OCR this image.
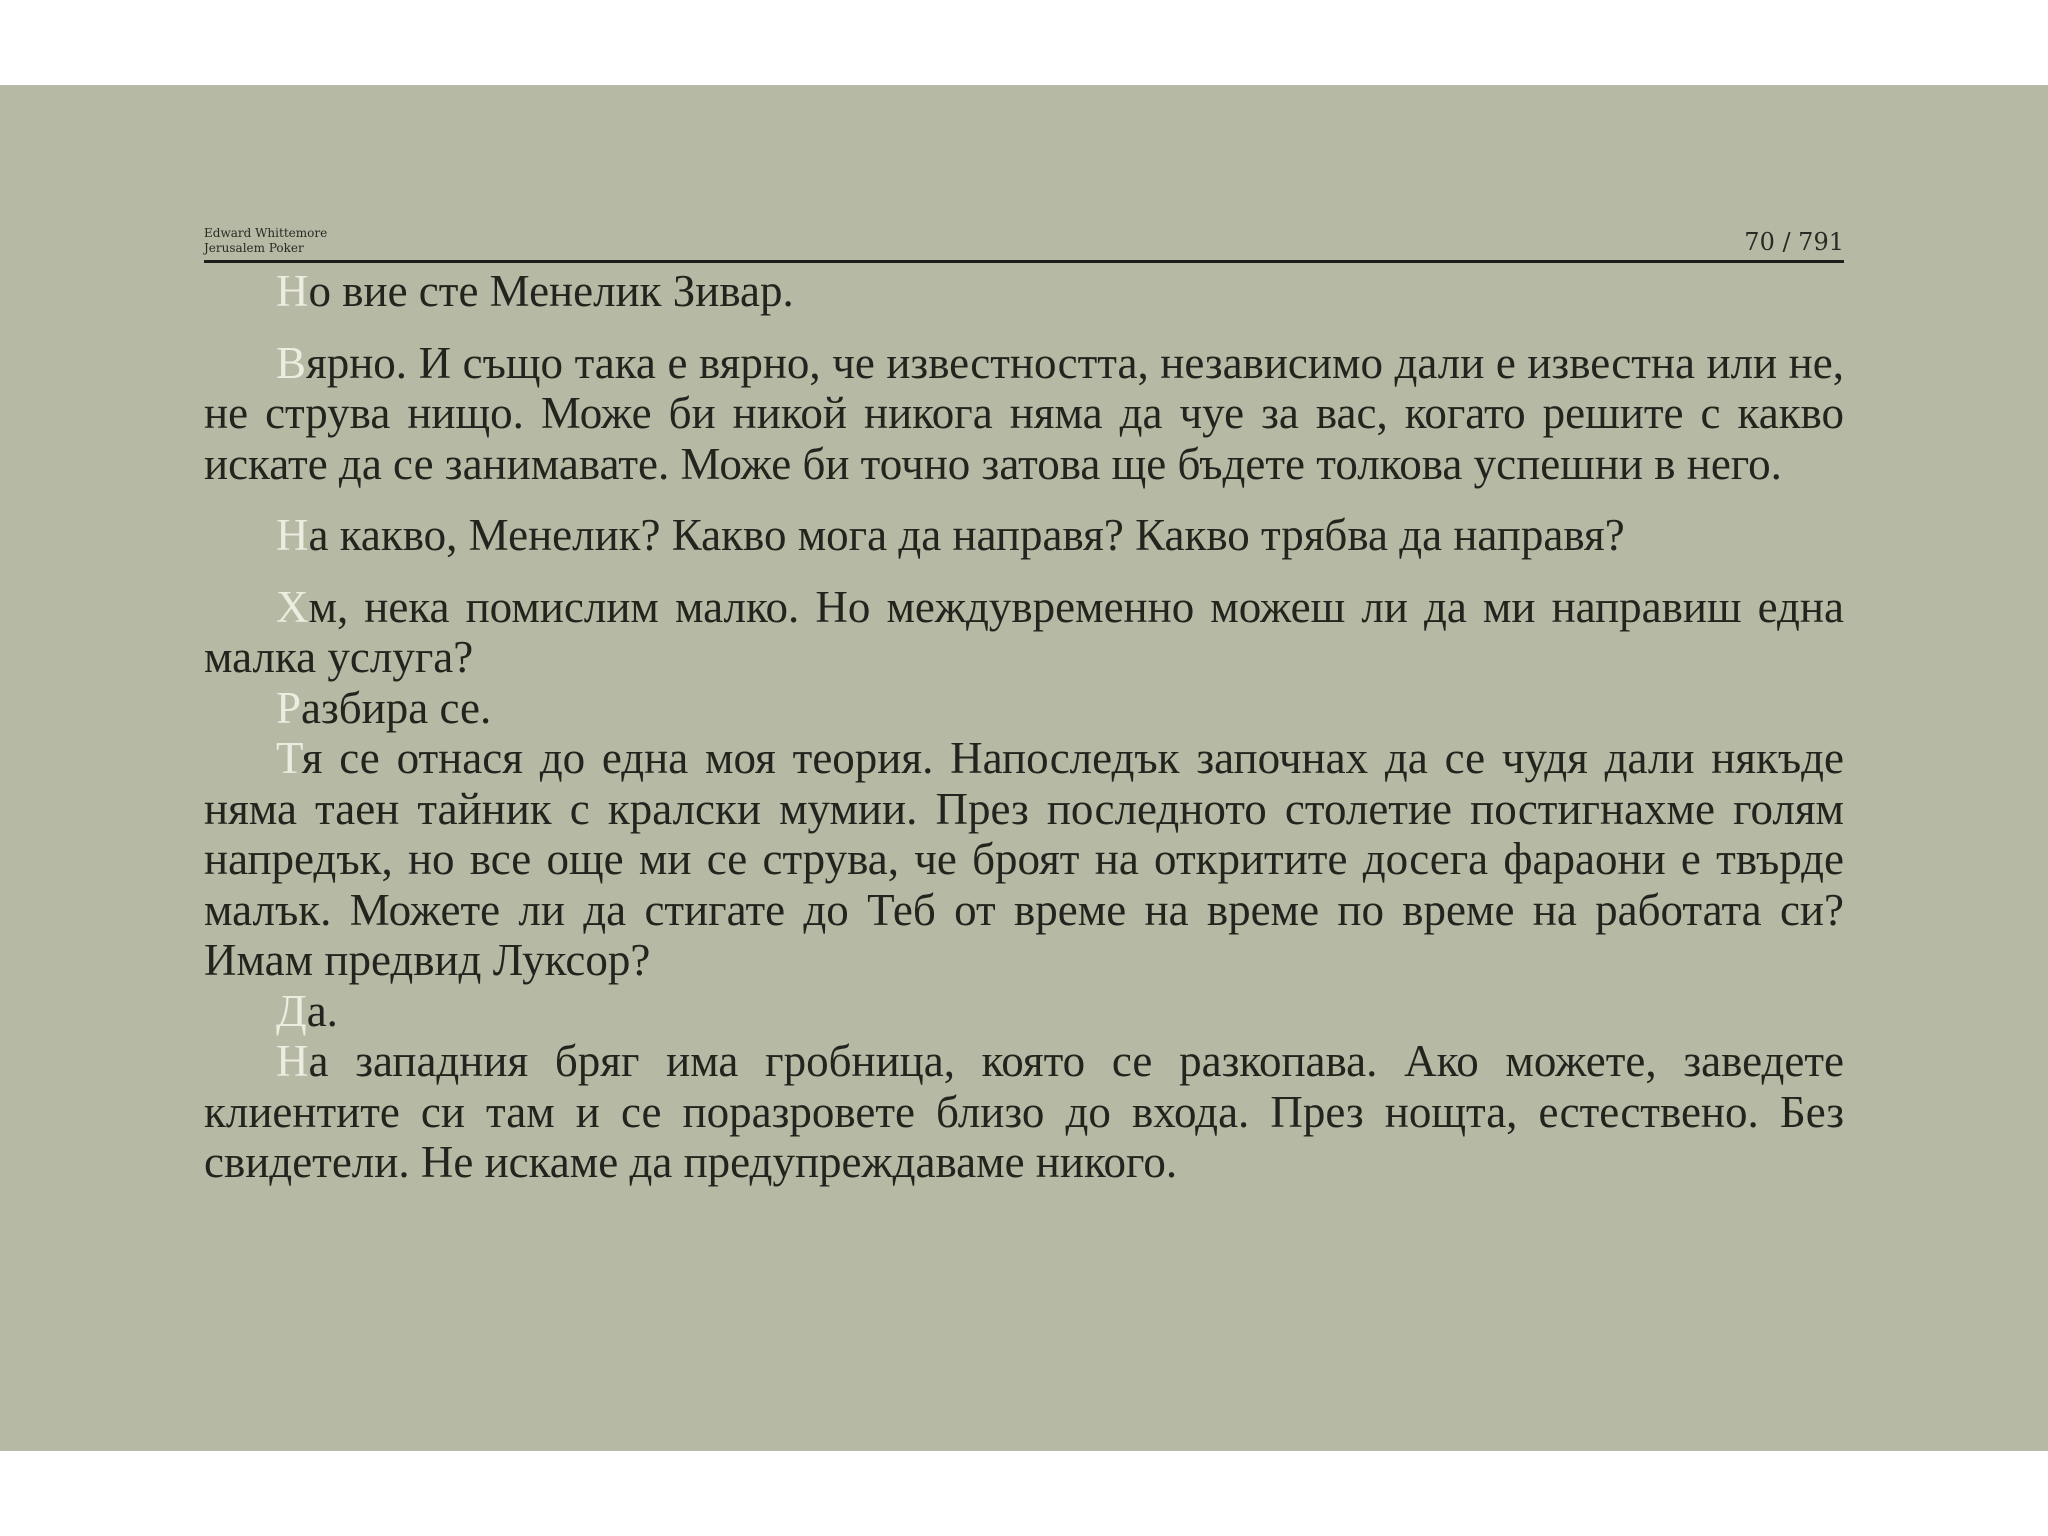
Edward Whittemore
Jerusalem Poker	70 / 791

Но вие сте Менелик Зивар.

Вярно. И също така е вярно, че известността, независимо дали е известна или не, не струва нищо. Може би никой никога няма да чуе за вас, когато решите с какво искате да се занимавате. Може би точно затова ще бъдете толкова успешни в него.

На какво, Менелик? Какво мога да направя? Какво трябва да направя?

Хм, нека помислим малко. Но междувременно можеш ли да ми направиш една малка услуга?

Разбира се.

Тя се отнася до една моя теория. Напоследък започнах да се чудя дали някъде няма таен тайник с кралски мумии. През последното столетие постигнахме голям напредък, но все още ми се струва, че броят на откритите досега фараони е твърде малък. Можете ли да стигате до Теб от време на време по време на работата си? Имам предвид Луксор?

Да.

На западния бряг има гробница, която се разкопава. Ако можете, заведете клиентите си там и се поразровете близо до входа. През нощта, естествено. Без свидетели. Не искаме да предупреждаваме никого.
